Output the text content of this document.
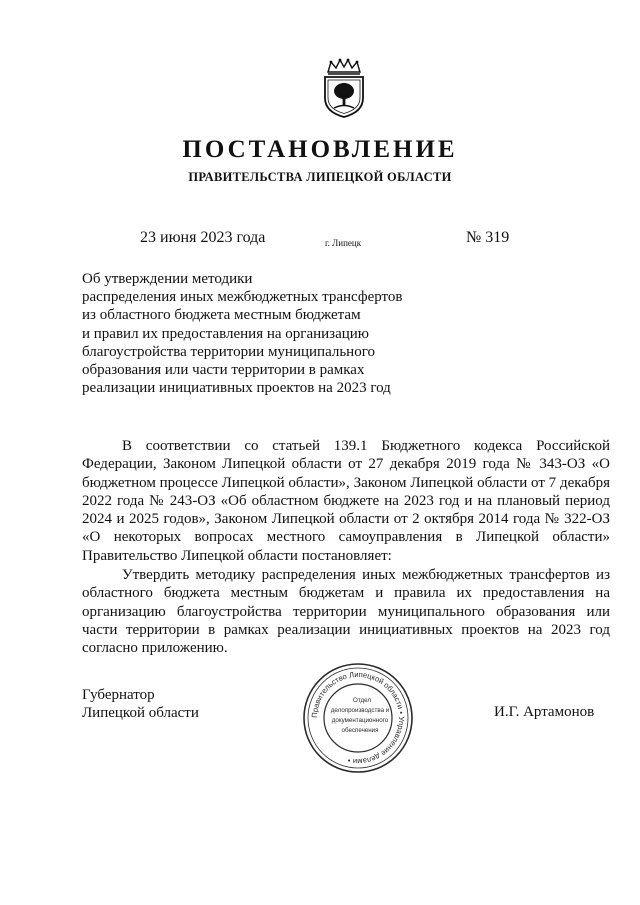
ПОСТАНОВЛЕНИЕ
ПРАВИТЕЛЬСТВА ЛИПЕЦКОЙ ОБЛАСТИ
23 июня 2023 года	г. Липецк	№ 319
Об утверждении методики
распределения иных межбюджетных трансфертов
из областного бюджета местным бюджетам
и правил их предоставления на организацию
благоустройства территории муниципального
образования или части территории в рамках
реализации инициативных проектов на 2023 год
В соответствии со статьей 139.1 Бюджетного кодекса Российской Федерации, Законом Липецкой области от 27 декабря 2019 года № 343-ОЗ «О бюджетном процессе Липецкой области», Законом Липецкой области от 7 декабря 2022 года № 243-ОЗ «Об областном бюджете на 2023 год и на плановый период 2024 и 2025 годов», Законом Липецкой области от 2 октября 2014 года № 322-ОЗ «О некоторых вопросах местного самоуправления в Липецкой области» Правительство Липецкой области постановляет:
Утвердить методику распределения иных межбюджетных трансфертов из областного бюджета местным бюджетам и правила их предоставления на организацию благоустройства территории муниципального образования или части территории в рамках реализации инициативных проектов на 2023 год согласно приложению.
Губернатор
Липецкой области	Правительство Липецкой области • Управление делами •
Отдел
делопроизводства и
документационного
обеспечения
И.Г. Артамонов
